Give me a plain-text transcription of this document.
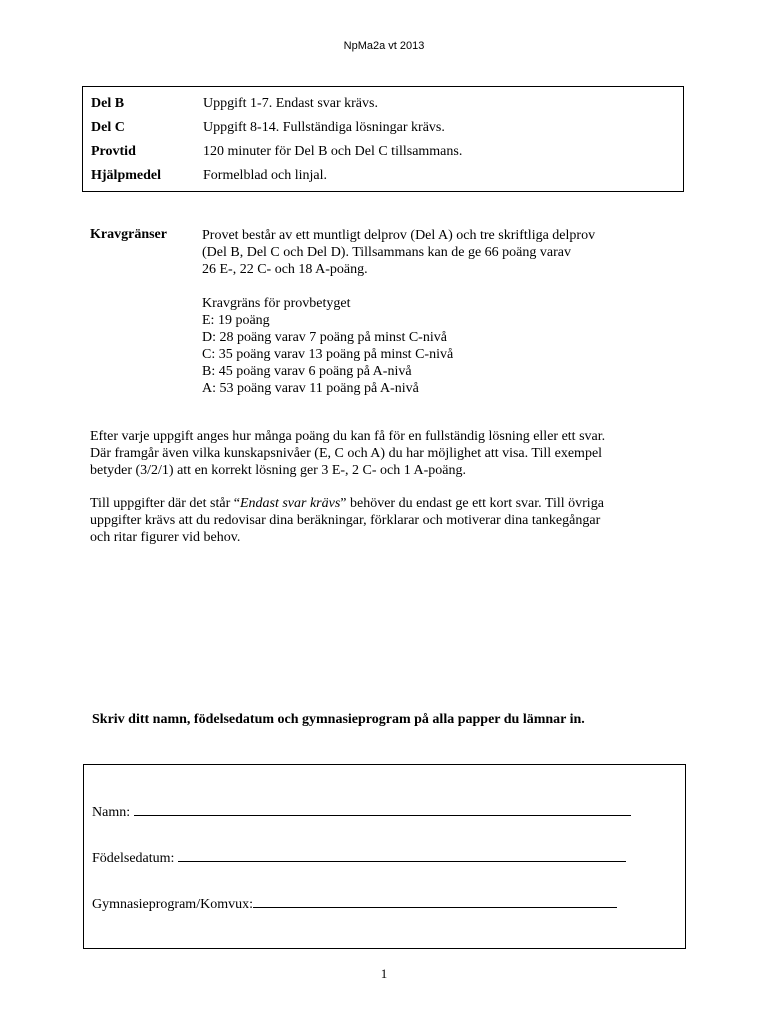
NpMa2a vt 2013
Del B	Uppgift 1-7. Endast svar krävs.
Del C	Uppgift 8-14. Fullständiga lösningar krävs.
Provtid	120 minuter för Del B och Del C tillsammans.
Hjälpmedel	Formelblad och linjal.
Kravgränser	Provet består av ett muntligt delprov (Del A) och tre skriftliga delprov
(Del B, Del C och Del D). Tillsammans kan de ge 66 poäng varav
26 E-, 22 C- och 18 A-poäng.
Kravgräns för provbetyget
E: 19 poäng
D: 28 poäng varav 7 poäng på minst C-nivå
C: 35 poäng varav 13 poäng på minst C-nivå
B: 45 poäng varav 6 poäng på A-nivå
A: 53 poäng varav 11 poäng på A-nivå
Efter varje uppgift anges hur många poäng du kan få för en fullständig lösning eller ett svar.
Där framgår även vilka kunskapsnivåer (E, C och A) du har möjlighet att visa. Till exempel
betyder (3/2/1) att en korrekt lösning ger 3 E-, 2 C- och 1 A-poäng.
Till uppgifter där det står “Endast svar krävs” behöver du endast ge ett kort svar. Till övriga
uppgifter krävs att du redovisar dina beräkningar, förklarar och motiverar dina tankegångar
och ritar figurer vid behov.
Skriv ditt namn, födelsedatum och gymnasieprogram på alla papper du lämnar in.
Namn:
Födelsedatum:
Gymnasieprogram/Komvux:
1
